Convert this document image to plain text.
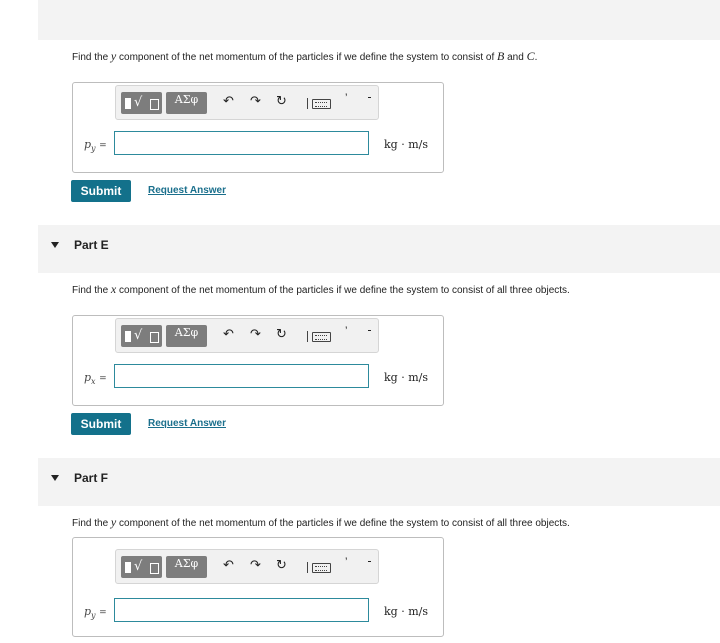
Find the y component of the net momentum of the particles if we define the system to consist of B and C.
√	ΑΣφ	↶ ↷ ↻	’
$p_y$ =	kg · m/s
Submit	Request Answer
Part E
Find the x component of the net momentum of the particles if we define the system to consist of all three objects.
√	ΑΣφ	↶ ↷ ↻	’
$p_x$ =	kg · m/s
Submit	Request Answer
Part F
Find the y component of the net momentum of the particles if we define the system to consist of all three objects.
√	ΑΣφ	↶ ↷ ↻	’
$p_y$ =	kg · m/s
